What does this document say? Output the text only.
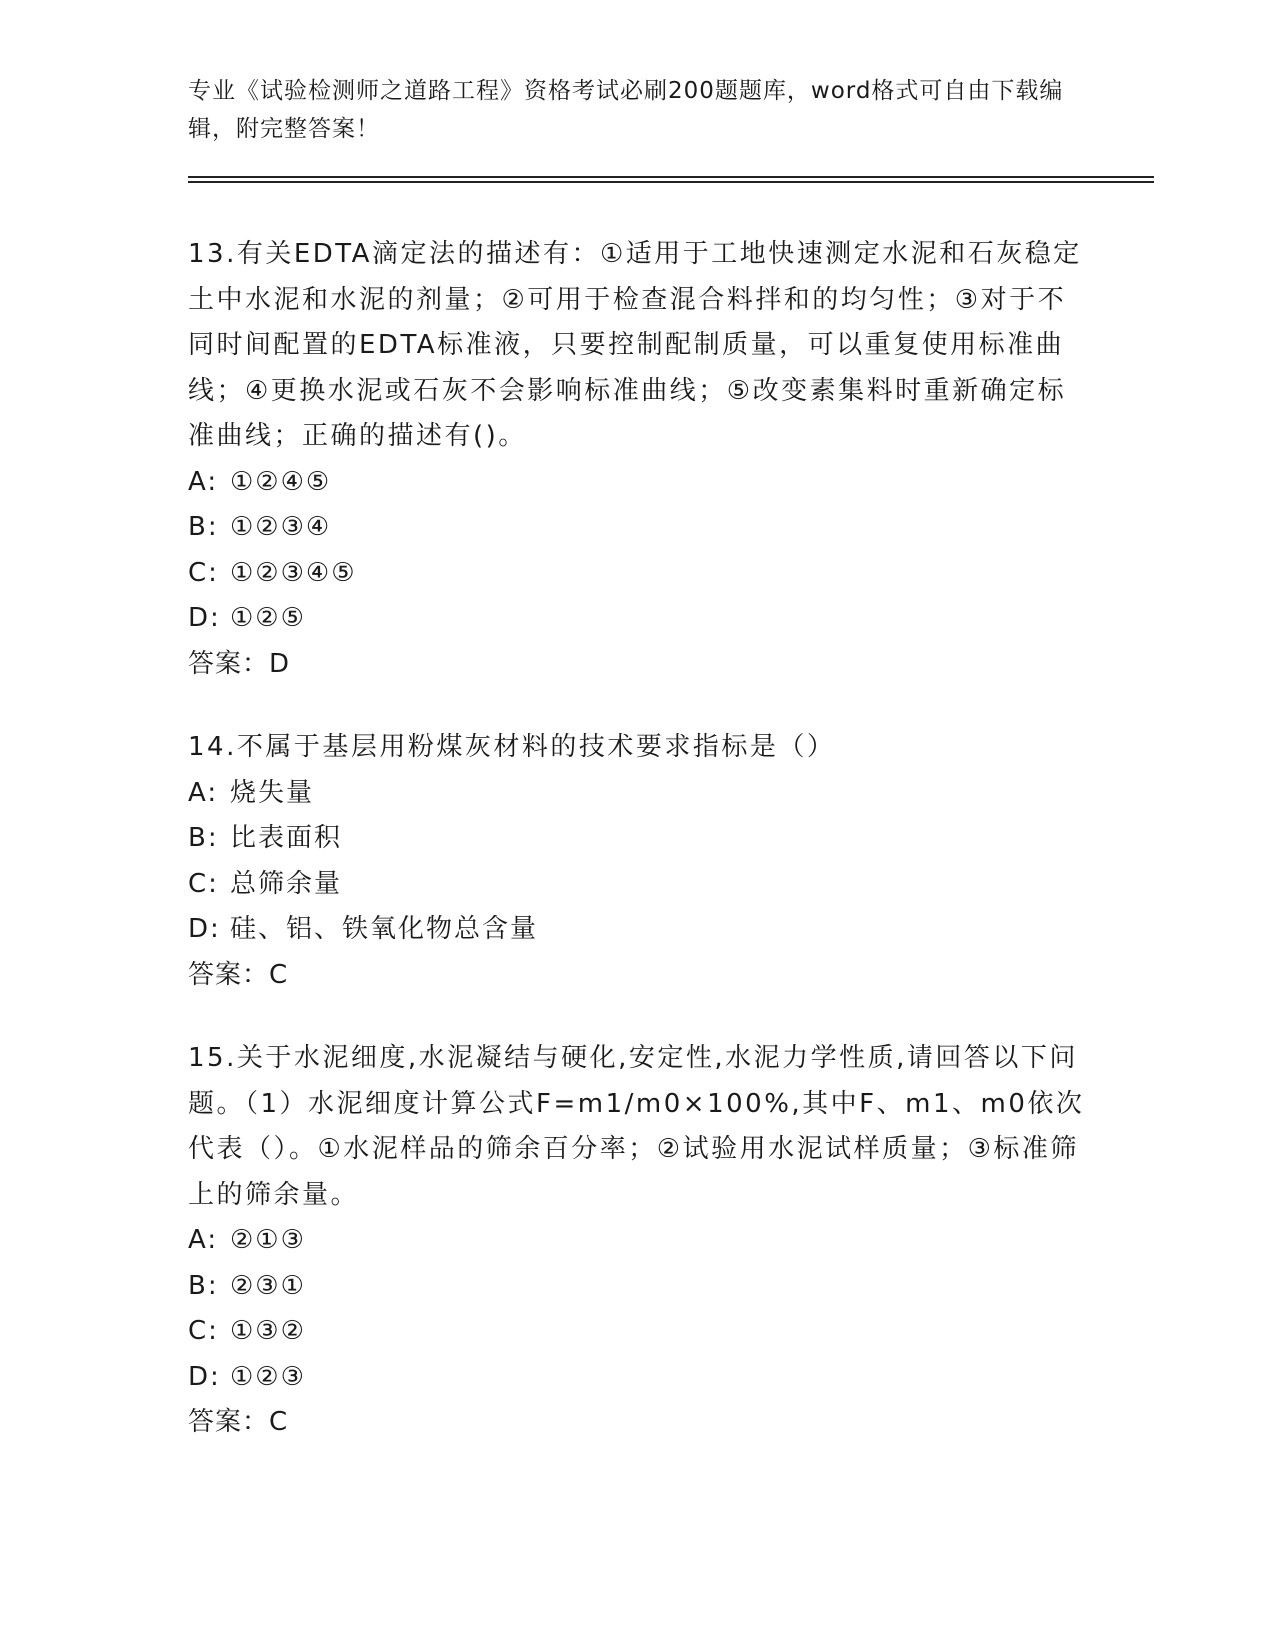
专业《试验检测师之道路工程》资格考试必刷200题题库，word格式可自由下载编辑，附完整答案！

13.有关EDTA滴定法的描述有：①适用于工地快速测定水泥和石灰稳定土中水泥和水泥的剂量；②可用于检查混合料拌和的均匀性；③对于不同时间配置的EDTA标准液，只要控制配制质量，可以重复使用标准曲线；④更换水泥或石灰不会影响标准曲线；⑤改变素集料时重新确定标准曲线；正确的描述有()。

A: ①②④⑤

B: ①②③④

C: ①②③④⑤

D: ①②⑤

答案：D

14.不属于基层用粉煤灰材料的技术要求指标是（）

A: 烧失量

B: 比表面积

C: 总筛余量

D: 硅、铝、铁氧化物总含量

答案：C

15.关于水泥细度,水泥凝结与硬化,安定性,水泥力学性质,请回答以下问题。（1）水泥细度计算公式F=m1/m0×100%,其中F、m1、m0依次代表（）。①水泥样品的筛余百分率；②试验用水泥试样质量；③标准筛上的筛余量。

A: ②①③

B: ②③①

C: ①③②

D: ①②③

答案：C
